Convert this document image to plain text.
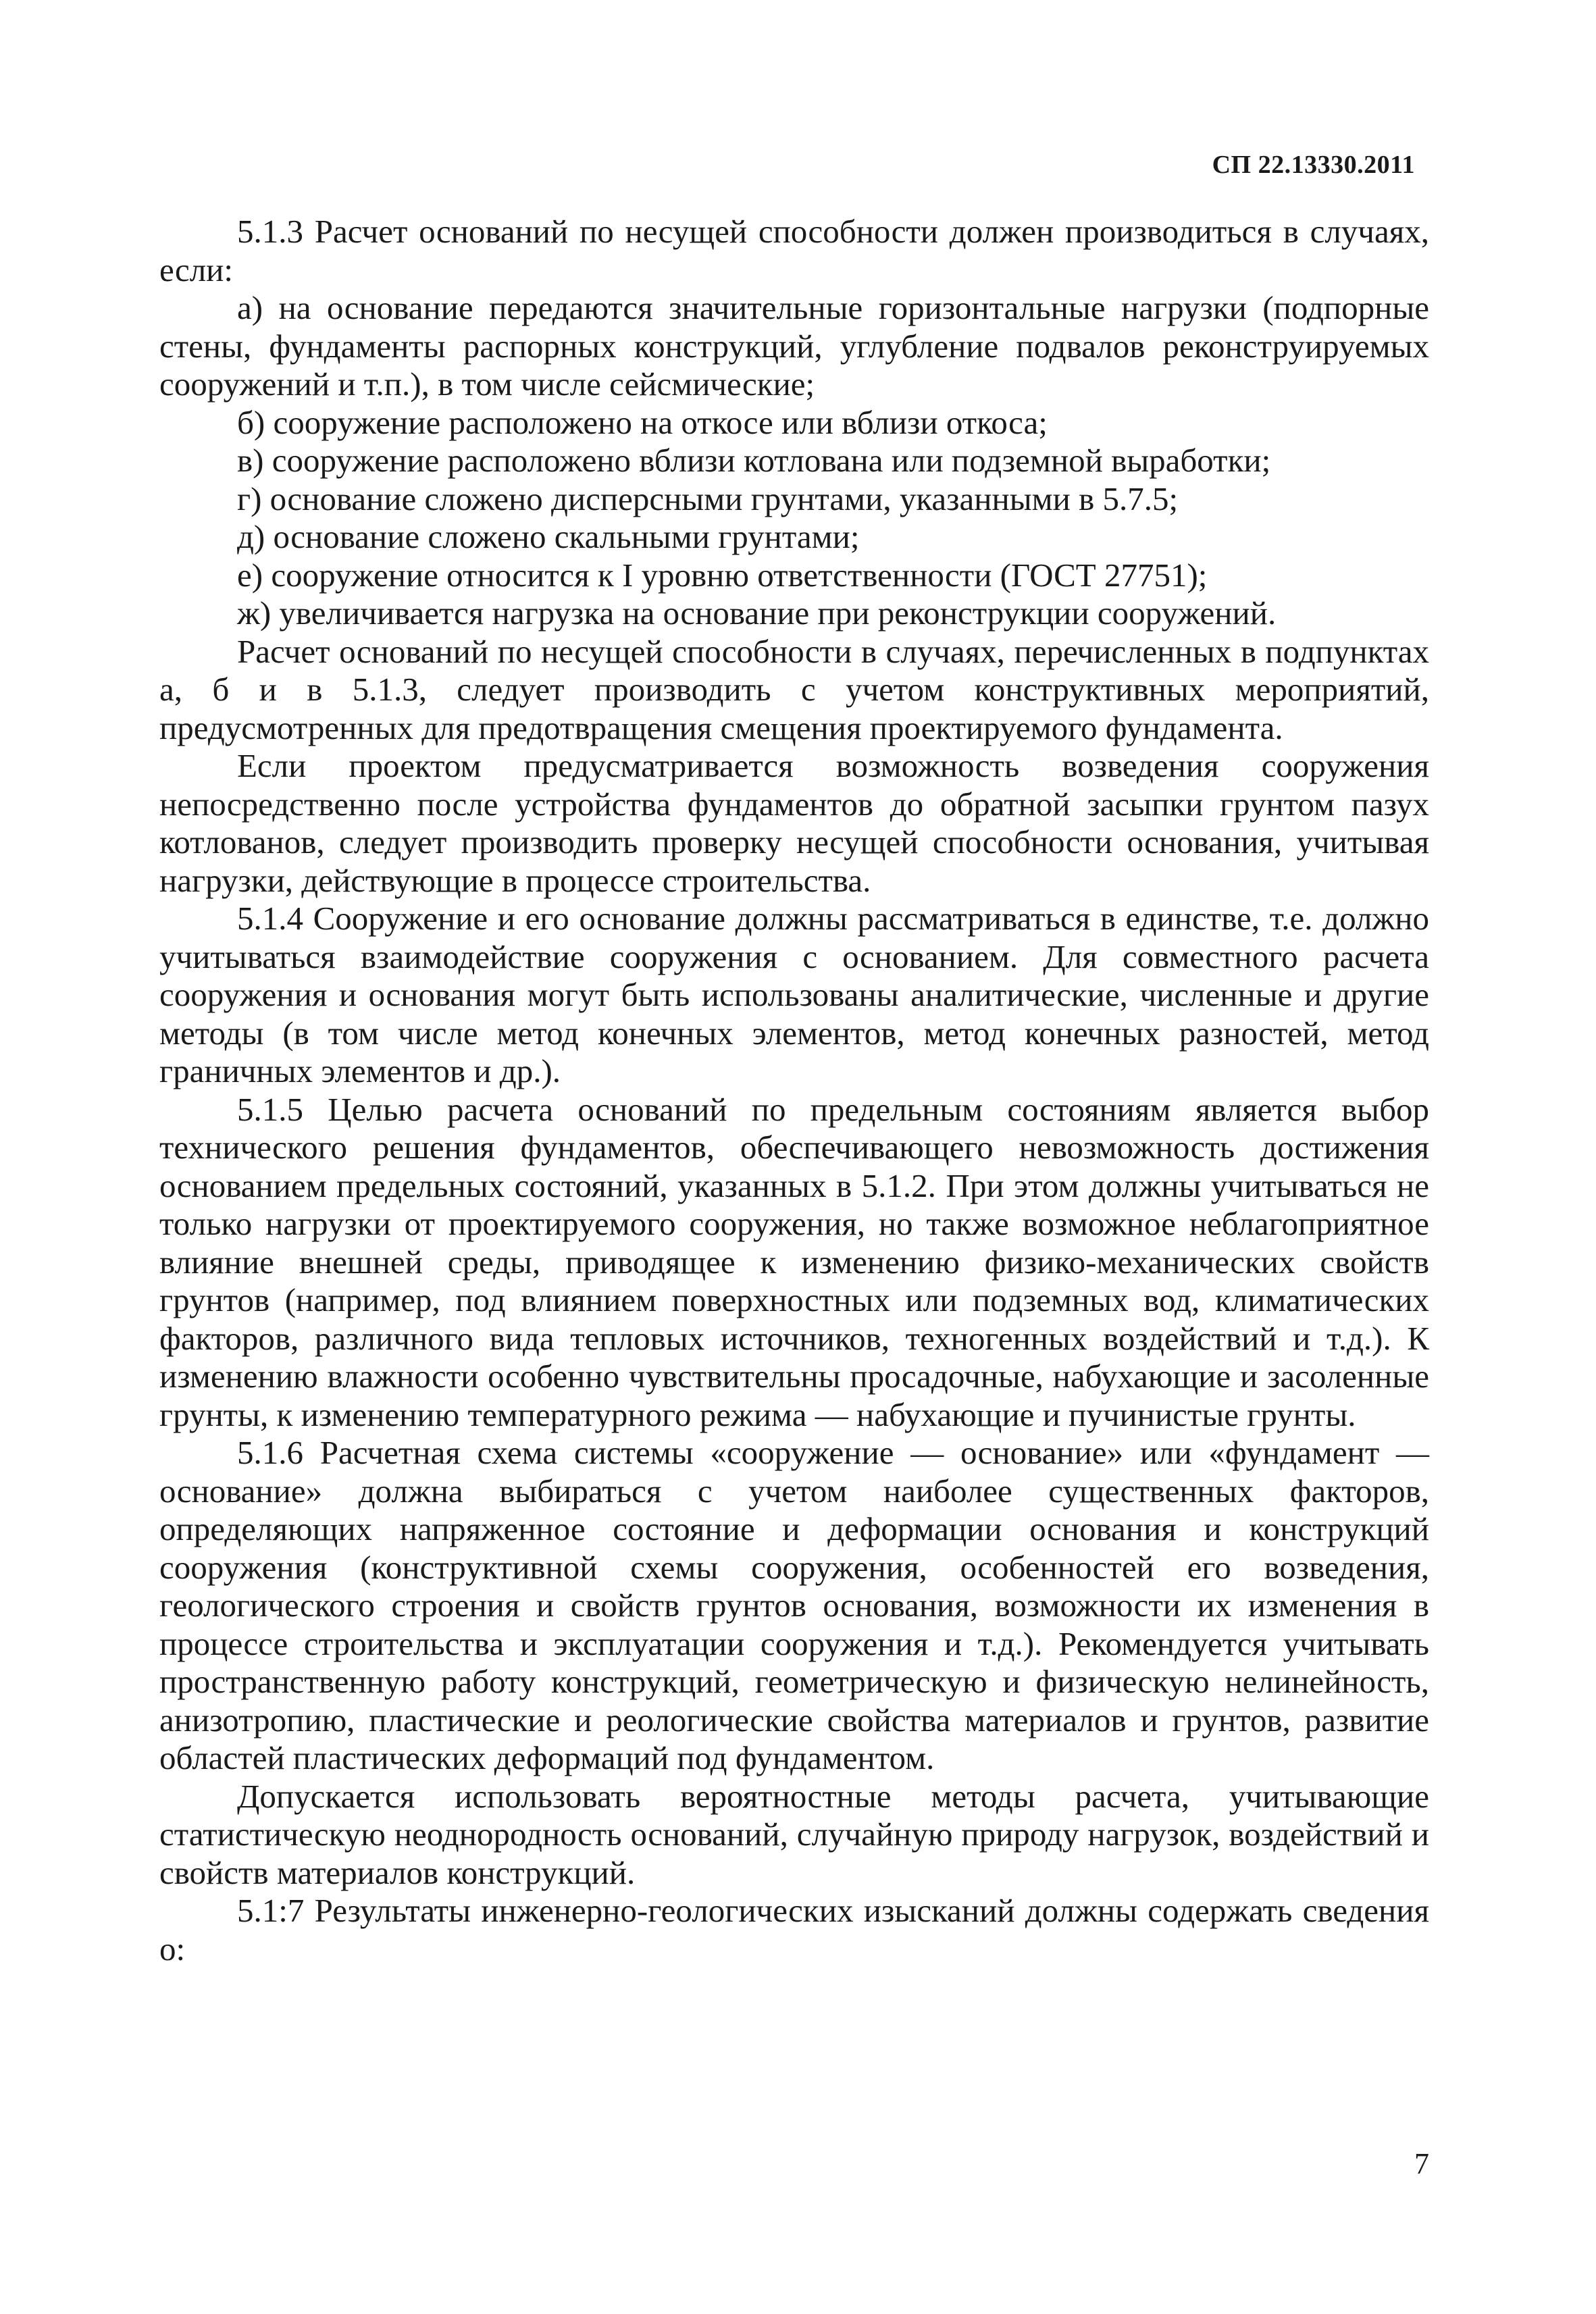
СП 22.13330.2011

5.1.3 Расчет оснований по несущей способности должен производиться в случаях, если:

а) на основание передаются значительные горизонтальные нагрузки (подпорные стены, фундаменты распорных конструкций, углубление подвалов реконструируемых сооружений и т.п.), в том числе сейсмические;

б) сооружение расположено на откосе или вблизи откоса;

в) сооружение расположено вблизи котлована или подземной выработки;

г) основание сложено дисперсными грунтами, указанными в 5.7.5;

д) основание сложено скальными грунтами;

е) сооружение относится к I уровню ответственности (ГОСТ 27751);

ж) увеличивается нагрузка на основание при реконструкции сооружений.

Расчет оснований по несущей способности в случаях, перечисленных в подпунктах а, б и в 5.1.3, следует производить с учетом конструктивных мероприятий, предусмотренных для предотвращения смещения проектируемого фундамента.

Если проектом предусматривается возможность возведения сооружения непосредственно после устройства фундаментов до обратной засыпки грунтом пазух котлованов, следует производить проверку несущей способности основания, учитывая нагрузки, действующие в процессе строительства.

5.1.4 Сооружение и его основание должны рассматриваться в единстве, т.е. должно учитываться взаимодействие сооружения с основанием. Для совместного расчета сооружения и основания могут быть использованы аналитические, численные и другие методы (в том числе метод конечных элементов, метод конечных разностей, метод граничных элементов и др.).

5.1.5 Целью расчета оснований по предельным состояниям является выбор технического решения фундаментов, обеспечивающего невозможность достижения основанием предельных состояний, указанных в 5.1.2. При этом должны учитываться не только нагрузки от проектируемого сооружения, но также возможное неблагоприятное влияние внешней среды, приводящее к изменению физико-механических свойств грунтов (например, под влиянием поверхностных или подземных вод, климатических факторов, различного вида тепловых источников, техногенных воздействий и т.д.). К изменению влажности особенно чувствительны просадочные, набухающие и засоленные грунты, к изменению температурного режима — набухающие и пучинистые грунты.

5.1.6 Расчетная схема системы «сооружение — основание» или «фундамент — основание» должна выбираться с учетом наиболее существенных факторов, определяющих напряженное состояние и деформации основания и конструкций сооружения (конструктивной схемы сооружения, особенностей его возведения, геологического строения и свойств грунтов основания, возможности их изменения в процессе строительства и эксплуатации сооружения и т.д.). Рекомендуется учитывать пространственную работу конструкций, геометрическую и физическую нелинейность, анизотропию, пластические и реологические свойства материалов и грунтов, развитие областей пластических деформаций под фундаментом.

Допускается использовать вероятностные методы расчета, учитывающие статистическую неоднородность оснований, случайную природу нагрузок, воздействий и свойств материалов конструкций.

5.1:7 Результаты инженерно-геологических изысканий должны содержать сведения о:

7
